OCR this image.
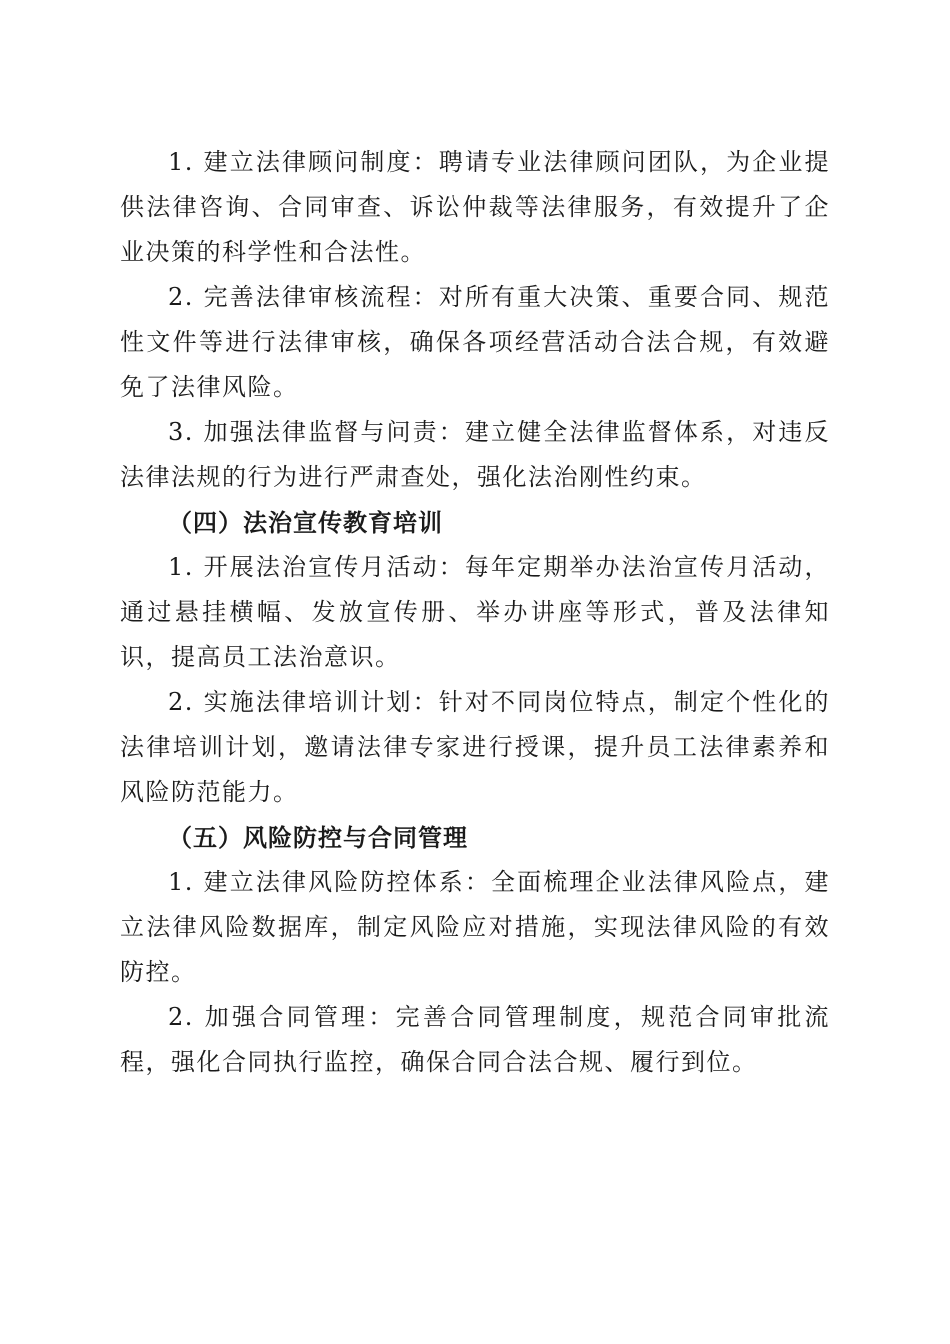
1. 建立法律顾问制度：聘请专业法律顾问团队，为企业提供法律咨询、合同审查、诉讼仲裁等法律服务，有效提升了企业决策的科学性和合法性。

2. 完善法律审核流程：对所有重大决策、重要合同、规范性文件等进行法律审核，确保各项经营活动合法合规，有效避免了法律风险。

3. 加强法律监督与问责：建立健全法律监督体系，对违反法律法规的行为进行严肃查处，强化法治刚性约束。

（四）法治宣传教育培训

1. 开展法治宣传月活动：每年定期举办法治宣传月活动，通过悬挂横幅、发放宣传册、举办讲座等形式，普及法律知识，提高员工法治意识。

2. 实施法律培训计划：针对不同岗位特点，制定个性化的法律培训计划，邀请法律专家进行授课，提升员工法律素养和风险防范能力。

（五）风险防控与合同管理

1. 建立法律风险防控体系：全面梳理企业法律风险点，建立法律风险数据库，制定风险应对措施，实现法律风险的有效防控。

2. 加强合同管理：完善合同管理制度，规范合同审批流程，强化合同执行监控，确保合同合法合规、履行到位。
